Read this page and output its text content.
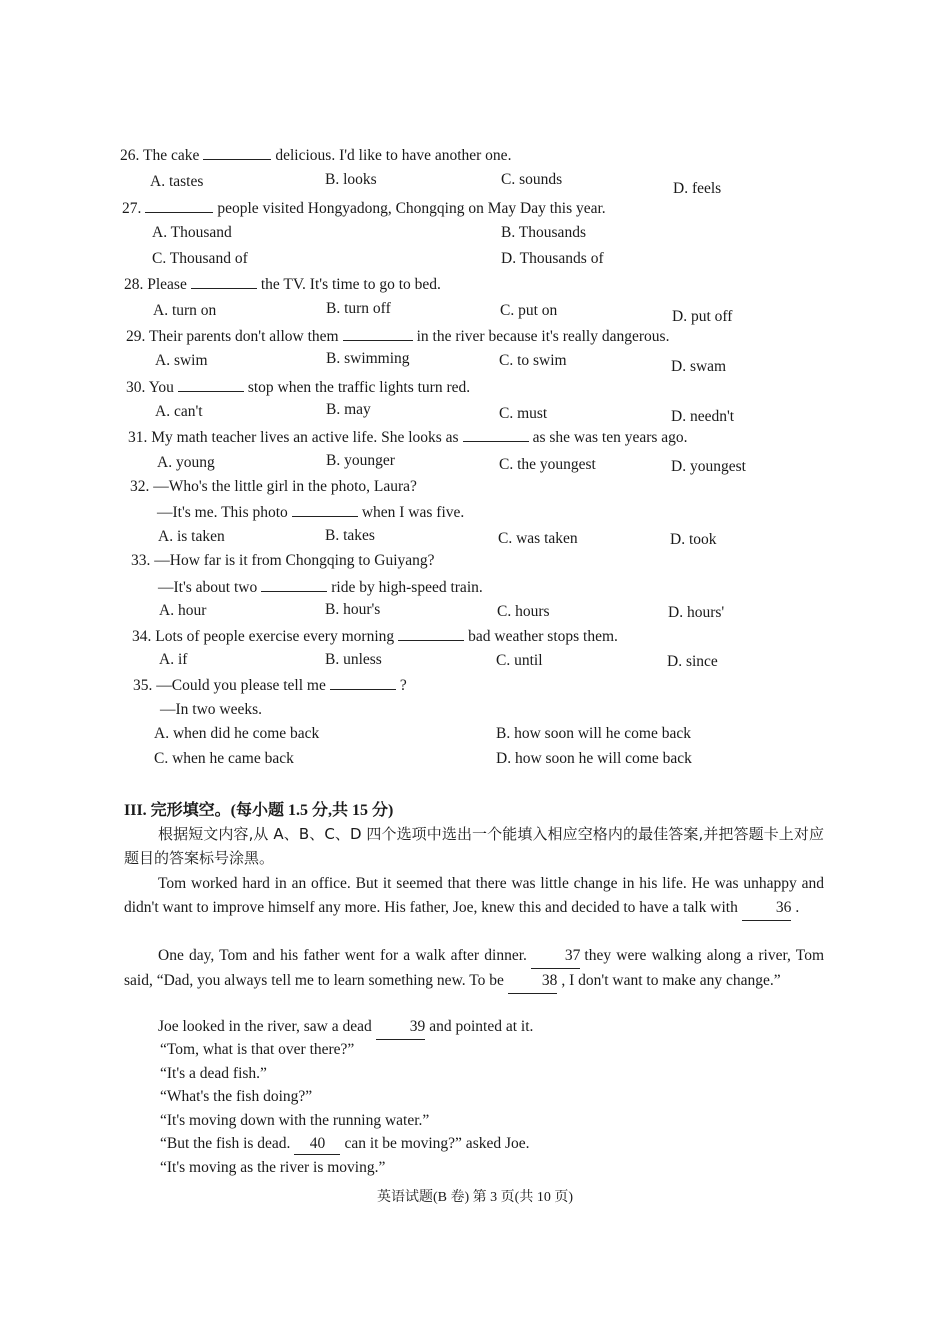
26. The cake	delicious. I'd like to have another one.
A. tastes	B. looks	C. sounds
D. feels
27.	people visited Hongyadong, Chongqing on May Day this year.
A. Thousand	B. Thousands
C. Thousand of	D. Thousands of
28. Please	the TV. It's time to go to bed.
A. turn on	B. turn off	C. put on	D. put off
29. Their parents don't allow them	in the river because it's really dangerous.
A. swim	B. swimming	C. to swim	D. swam
30. You	stop when the traffic lights turn red.
A. can't	B. may	C. must	D. needn't
31. My math teacher lives an active life. She looks as	as she was ten years ago.
A. young	B. younger	C. the youngest	D. youngest
32. —Who's the little girl in the photo, Laura?
—It's me. This photo	when I was five.
A. is taken	B. takes	C. was taken	D. took
33. —How far is it from Chongqing to Guiyang?
—It's about two	ride by high-speed train.
A. hour	B. hour's	C. hours	D. hours'
34. Lots of people exercise every morning	bad weather stops them.
A. if	B. unless	C. until	D. since
35. —Could you please tell me	?
—In two weeks.
A. when did he come back	B. how soon will he come back
C. when he came back	D. how soon he will come back
III. 完形填空。(每小题 1.5 分,共 15 分)
根据短文内容,从 A、B、C、D 四个选项中选出一个能填入相应空格内的最佳答案,并把答题卡上对应题目的答案标号涂黑。
Tom worked hard in an office. But it seemed that there was little change in his life. He was unhappy and didn't want to improve himself any more. His father, Joe, knew this and decided to have a talk with 36 .
One day, Tom and his father went for a walk after dinner. 37 they were walking along a river, Tom said, “Dad, you always tell me to learn something new. To be 38 , I don't want to make any change.”
Joe looked in the river, saw a dead 39 and pointed at it.
“Tom, what is that over there?”
“It's a dead fish.”
“What's the fish doing?”
“It's moving down with the running water.”
“But the fish is dead. 40 can it be moving?” asked Joe.
“It's moving as the river is moving.”
英语试题(B 卷) 第 3 页(共 10 页)
